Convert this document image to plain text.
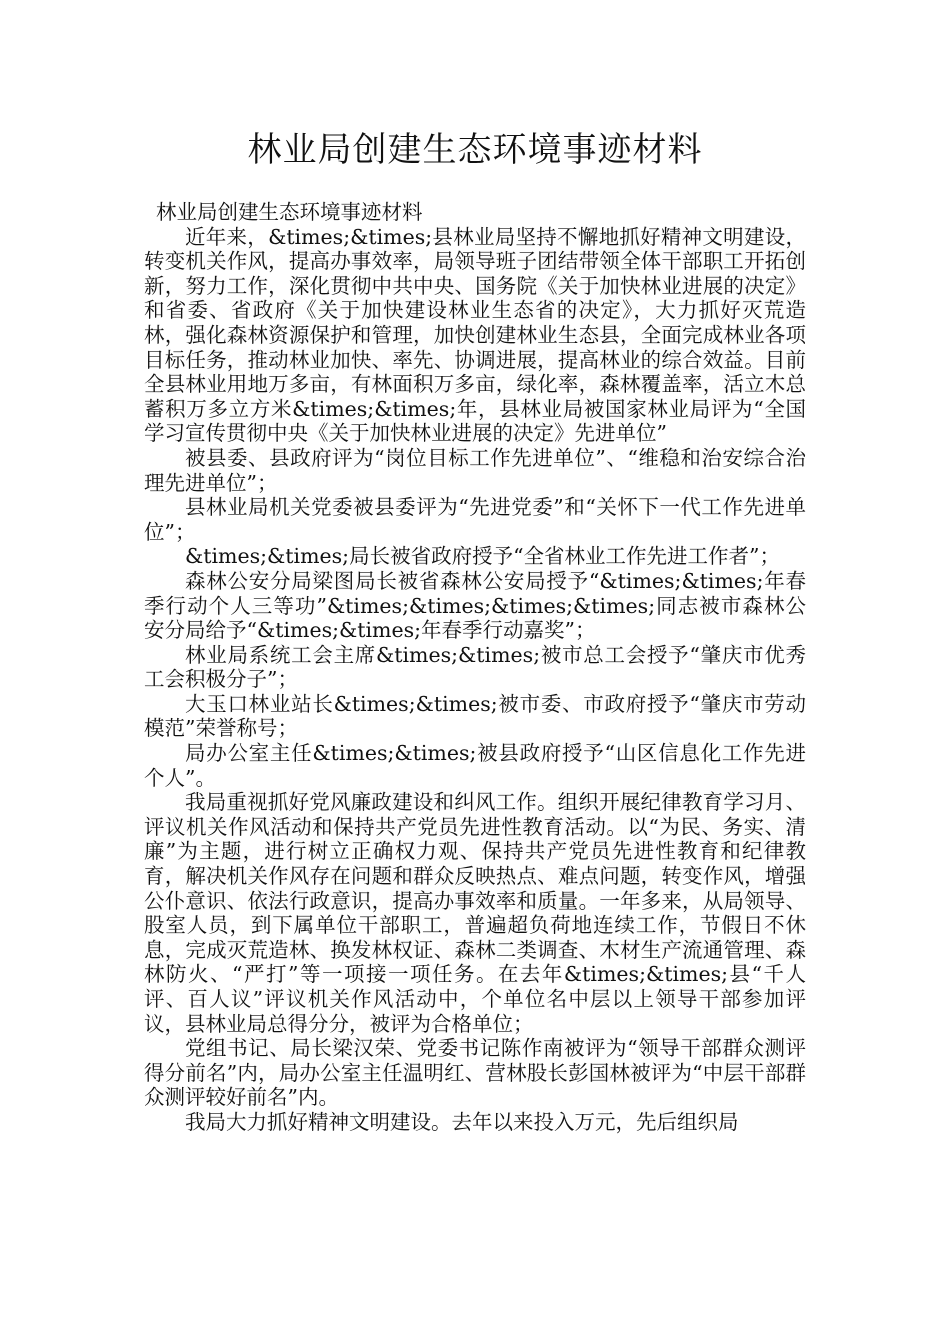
林业局创建生态环境事迹材料

林业局创建生态环境事迹材料

近年来，&times;&times;县林业局坚持不懈地抓好精神文明建设，转变机关作风，提高办事效率，局领导班子团结带领全体干部职工开拓创新，努力工作，深化贯彻中共中央、国务院《关于加快林业进展的决定》和省委、省政府《关于加快建设林业生态省的决定》，大力抓好灭荒造林，强化森林资源保护和管理，加快创建林业生态县，全面完成林业各项目标任务，推动林业加快、率先、协调进展，提高林业的综合效益。目前全县林业用地万多亩，有林面积万多亩，绿化率，森林覆盖率，活立木总蓄积万多立方米&times;&times;年，县林业局被国家林业局评为“全国学习宣传贯彻中央《关于加快林业进展的决定》先进单位”

被县委、县政府评为“岗位目标工作先进单位”、“维稳和治安综合治理先进单位”；

县林业局机关党委被县委评为“先进党委”和“关怀下一代工作先进单位”；

&times;&times;局长被省政府授予“全省林业工作先进工作者”；

森林公安分局梁图局长被省森林公安局授予“&times;&times;年春季行动个人三等功”&times;&times;&times;&times;同志被市森林公安分局给予“&times;&times;年春季行动嘉奖”；

林业局系统工会主席&times;&times;被市总工会授予“肇庆市优秀工会积极分子”；

大玉口林业站长&times;&times;被市委、市政府授予“肇庆市劳动模范”荣誉称号；

局办公室主任&times;&times;被县政府授予“山区信息化工作先进个人”。

我局重视抓好党风廉政建设和纠风工作。组织开展纪律教育学习月、评议机关作风活动和保持共产党员先进性教育活动。以“为民、务实、清廉”为主题，进行树立正确权力观、保持共产党员先进性教育和纪律教育，解决机关作风存在问题和群众反映热点、难点问题，转变作风，增强公仆意识、依法行政意识，提高办事效率和质量。一年多来，从局领导、股室人员，到下属单位干部职工，普遍超负荷地连续工作，节假日不休息，完成灭荒造林、换发林权证、森林二类调查、木材生产流通管理、森林防火、“严打”等一项接一项任务。在去年&times;&times;县“千人评、百人议”评议机关作风活动中，个单位名中层以上领导干部参加评议，县林业局总得分分，被评为合格单位；

党组书记、局长梁汉荣、党委书记陈作南被评为“领导干部群众测评得分前名”内，局办公室主任温明红、营林股长彭国林被评为“中层干部群众测评较好前名”内。

我局大力抓好精神文明建设。去年以来投入万元，先后组织局
